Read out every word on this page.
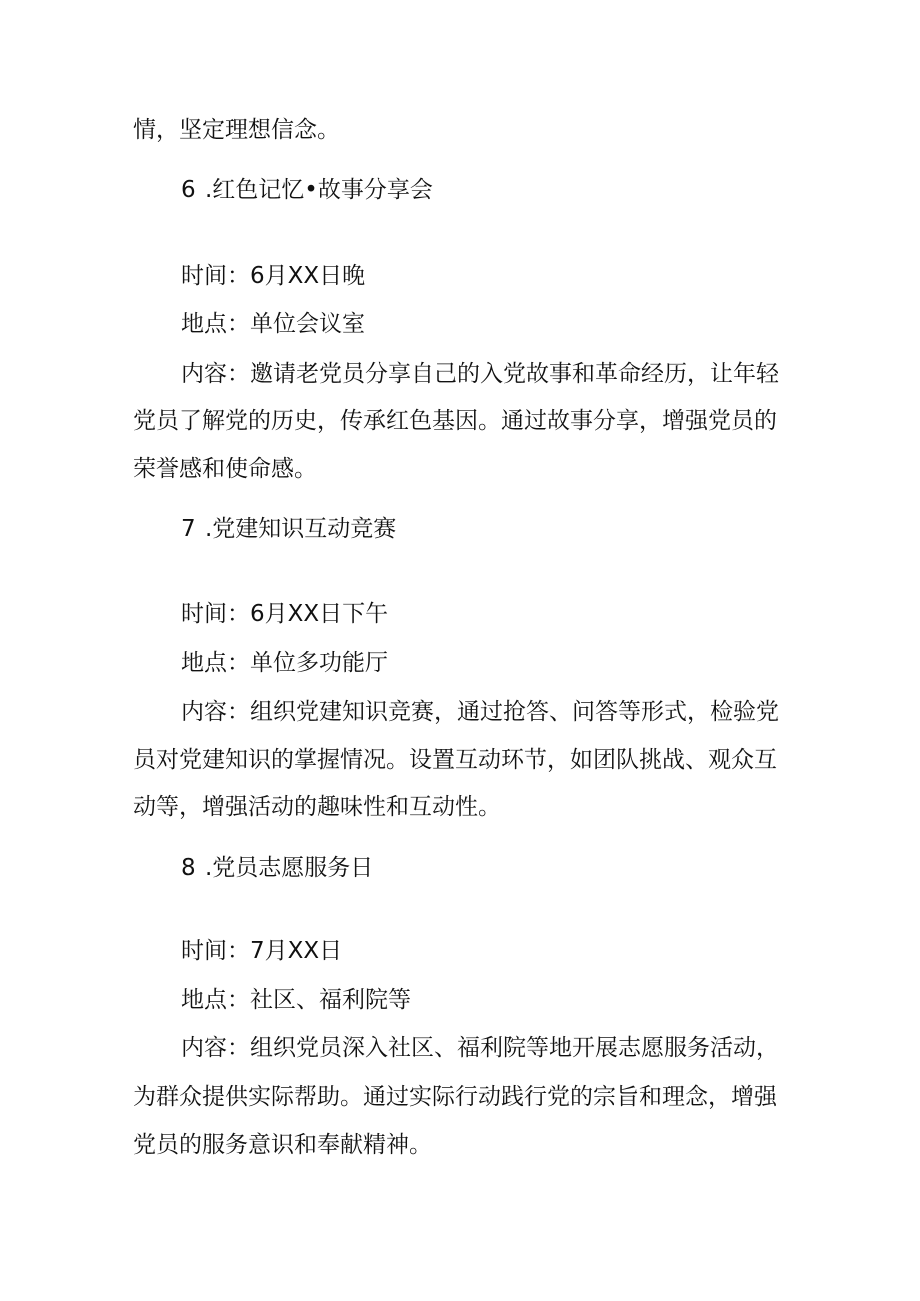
情，坚定理想信念。
6 .红色记忆•故事分享会
时间：6月XX日晚
地点：单位会议室
内容：邀请老党员分享自己的入党故事和革命经历，让年轻
党员了解党的历史，传承红色基因。通过故事分享，增强党员的
荣誉感和使命感。
7 .党建知识互动竞赛
时间：6月XX日下午
地点：单位多功能厅
内容：组织党建知识竞赛，通过抢答、问答等形式，检验党
员对党建知识的掌握情况。设置互动环节，如团队挑战、观众互
动等，增强活动的趣味性和互动性。
8 .党员志愿服务日
时间：7月XX日
地点：社区、福利院等
内容：组织党员深入社区、福利院等地开展志愿服务活动，
为群众提供实际帮助。通过实际行动践行党的宗旨和理念，增强
党员的服务意识和奉献精神。
